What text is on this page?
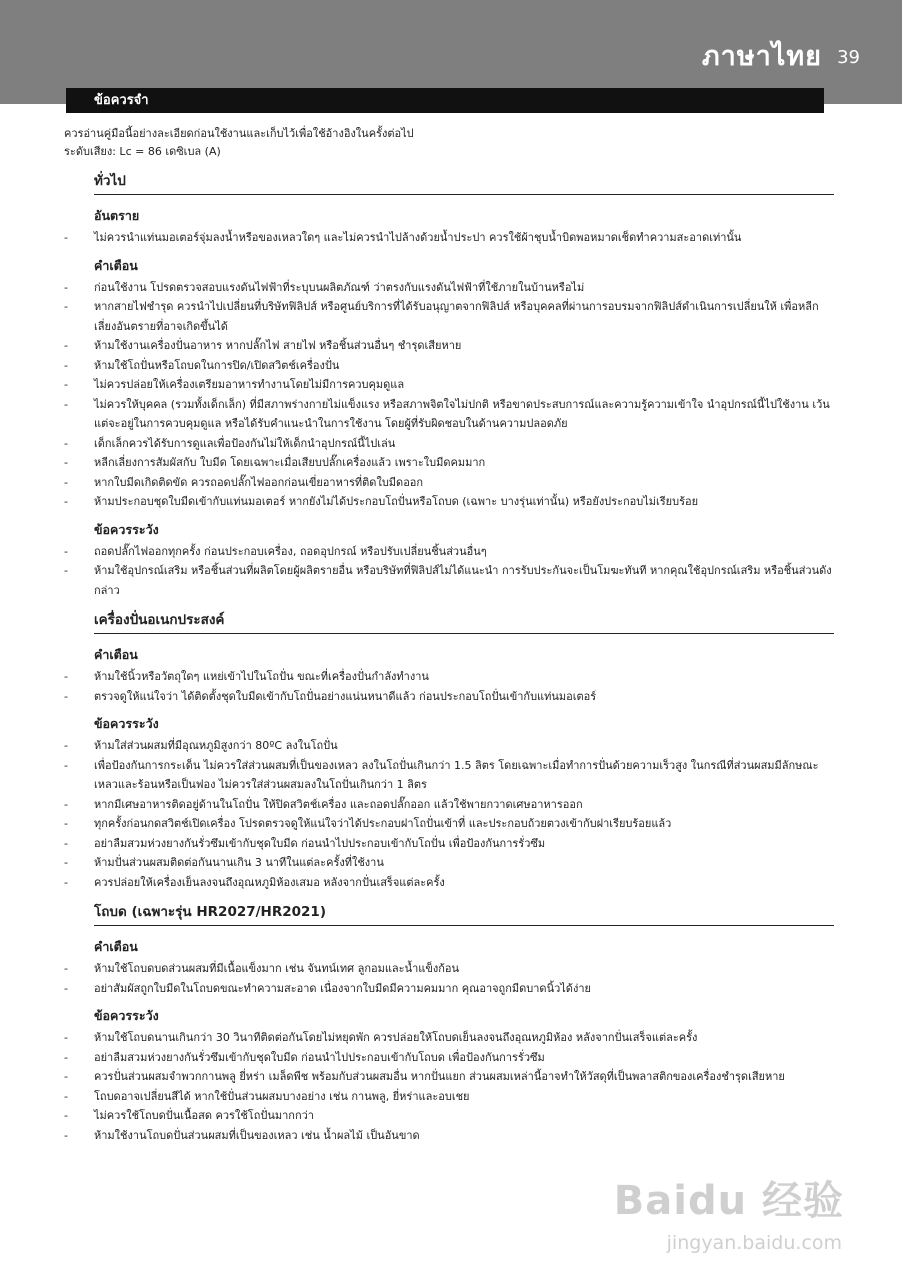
ภาษาไทย 39
ข้อควรจำ

ควรอ่านคู่มือนี้อย่างละเอียดก่อนใช้งานและเก็บไว้เพื่อใช้อ้างอิงในครั้งต่อไป

ระดับเสียง: Lc = 86 เดซิเบล (A)

ทั่วไป
อันตราย
- ไม่ควรนำแท่นมอเตอร์จุ่มลงน้ำหรือของเหลวใดๆ และไม่ควรนำไปล้างด้วยน้ำประปา ควรใช้ผ้าชุบน้ำบิดพอหมาดเช็ดทำความสะอาดเท่านั้น
คำเตือน
- ก่อนใช้งาน โปรดตรวจสอบแรงดันไฟฟ้าที่ระบุบนผลิตภัณฑ์ ว่าตรงกับแรงดันไฟฟ้าที่ใช้ภายในบ้านหรือไม่
- หากสายไฟชำรุด ควรนำไปเปลี่ยนที่บริษัทฟิลิปส์ หรือศูนย์บริการที่ได้รับอนุญาตจากฟิลิปส์ หรือบุคคลที่ผ่านการอบรมจากฟิลิปส์ดำเนินการเปลี่ยนให้ เพื่อหลีกเลี่ยงอันตรายที่อาจเกิดขึ้นได้
- ห้ามใช้งานเครื่องปั่นอาหาร หากปลั๊กไฟ สายไฟ หรือชิ้นส่วนอื่นๆ ชำรุดเสียหาย
- ห้ามใช้โถปั่นหรือโถบดในการปิด/เปิดสวิตช์เครื่องปั่น
- ไม่ควรปล่อยให้เครื่องเตรียมอาหารทำงานโดยไม่มีการควบคุมดูแล
- ไม่ควรให้บุคคล (รวมทั้งเด็กเล็ก) ที่มีสภาพร่างกายไม่แข็งแรง หรือสภาพจิตใจไม่ปกติ หรือขาดประสบการณ์และความรู้ความเข้าใจ นำอุปกรณ์นี้ไปใช้งาน เว้นแต่จะอยู่ในการควบคุมดูแล หรือได้รับคำแนะนำในการใช้งาน โดยผู้ที่รับผิดชอบในด้านความปลอดภัย
- เด็กเล็กควรได้รับการดูแลเพื่อป้องกันไม่ให้เด็กนำอุปกรณ์นี้ไปเล่น
- หลีกเลี่ยงการสัมผัสกับ ใบมีด โดยเฉพาะเมื่อเสียบปลั๊กเครื่องแล้ว เพราะใบมีดคมมาก
- หากใบมีดเกิดติดขัด ควรถอดปลั๊กไฟออกก่อนเขี่ยอาหารที่ติดใบมีดออก
- ห้ามประกอบชุดใบมีดเข้ากับแท่นมอเตอร์ หากยังไม่ได้ประกอบโถปั่นหรือโถบด (เฉพาะ บางรุ่นเท่านั้น) หรือยังประกอบไม่เรียบร้อย
ข้อควรระวัง
- ถอดปลั๊กไฟออกทุกครั้ง ก่อนประกอบเครื่อง, ถอดอุปกรณ์ หรือปรับเปลี่ยนชิ้นส่วนอื่นๆ
- ห้ามใช้อุปกรณ์เสริม หรือชิ้นส่วนที่ผลิตโดยผู้ผลิตรายอื่น หรือบริษัทที่ฟิลิปส์ไม่ได้แนะนำ การรับประกันจะเป็นโมฆะทันที หากคุณใช้อุปกรณ์เสริม หรือชิ้นส่วนดังกล่าว
เครื่องปั่นอเนกประสงค์
คำเตือน
- ห้ามใช้นิ้วหรือวัตถุใดๆ แหย่เข้าไปในโถปั่น ขณะที่เครื่องปั่นกำลังทำงาน
- ตรวจดูให้แน่ใจว่า ได้ติดตั้งชุดใบมีดเข้ากับโถปั่นอย่างแน่นหนาดีแล้ว ก่อนประกอบโถปั่นเข้ากับแท่นมอเตอร์
ข้อควรระวัง
- ห้ามใส่ส่วนผสมที่มีอุณหภูมิสูงกว่า 80ºC ลงในโถปั่น
- เพื่อป้องกันการกระเด็น ไม่ควรใส่ส่วนผสมที่เป็นของเหลว ลงในโถปั่นเกินกว่า 1.5 ลิตร โดยเฉพาะเมื่อทำการปั่นด้วยความเร็วสูง ในกรณีที่ส่วนผสมมีลักษณะเหลวและร้อนหรือเป็นฟอง ไม่ควรใส่ส่วนผสมลงในโถปั่นเกินกว่า 1 ลิตร
- หากมีเศษอาหารติดอยู่ด้านในโถปั่น ให้ปิดสวิตช์เครื่อง และถอดปลั๊กออก แล้วใช้พายกวาดเศษอาหารออก
- ทุกครั้งก่อนกดสวิตช์เปิดเครื่อง โปรดตรวจดูให้แน่ใจว่าได้ประกอบฝาโถปั่นเข้าที่ และประกอบถ้วยตวงเข้ากับฝาเรียบร้อยแล้ว
- อย่าลืมสวมห่วงยางกันรั่วซึมเข้ากับชุดใบมีด ก่อนนำไปประกอบเข้ากับโถปั่น เพื่อป้องกันการรั่วซึม
- ห้ามปั่นส่วนผสมติดต่อกันนานเกิน 3 นาทีในแต่ละครั้งที่ใช้งาน
- ควรปล่อยให้เครื่องเย็นลงจนถึงอุณหภูมิห้องเสมอ หลังจากปั่นเสร็จแต่ละครั้ง
โถบด (เฉพาะรุ่น HR2027/HR2021)
คำเตือน
- ห้ามใช้โถบดบดส่วนผสมที่มีเนื้อแข็งมาก เช่น จันทน์เทศ ลูกอมและน้ำแข็งก้อน
- อย่าสัมผัสถูกใบมีดในโถบดขณะทำความสะอาด เนื่องจากใบมีดมีความคมมาก คุณอาจถูกมีดบาดนิ้วได้ง่าย
ข้อควรระวัง
- ห้ามใช้โถบดนานเกินกว่า 30 วินาทีติดต่อกันโดยไม่หยุดพัก ควรปล่อยให้โถบดเย็นลงจนถึงอุณหภูมิห้อง หลังจากปั่นเสร็จแต่ละครั้ง
- อย่าลืมสวมห่วงยางกันรั่วซึมเข้ากับชุดใบมีด ก่อนนำไปประกอบเข้ากับโถบด เพื่อป้องกันการรั่วซึม
- ควรปั่นส่วนผสมจำพวกกานพลู ยี่หร่า เมล็ดพืช พร้อมกับส่วนผสมอื่น หากปั่นแยก ส่วนผสมเหล่านี้อาจทำให้วัสดุที่เป็นพลาสติกของเครื่องชำรุดเสียหาย
- โถบดอาจเปลี่ยนสีได้ หากใช้ปั่นส่วนผสมบางอย่าง เช่น กานพลู, ยี่หร่าและอบเชย
- ไม่ควรใช้โถบดปั่นเนื้อสด ควรใช้โถปั่นมากกว่า
- ห้ามใช้งานโถบดปั่นส่วนผสมที่เป็นของเหลว เช่น น้ำผลไม้ เป็นอันขาด
Baidu 经验
jingyan.baidu.com
